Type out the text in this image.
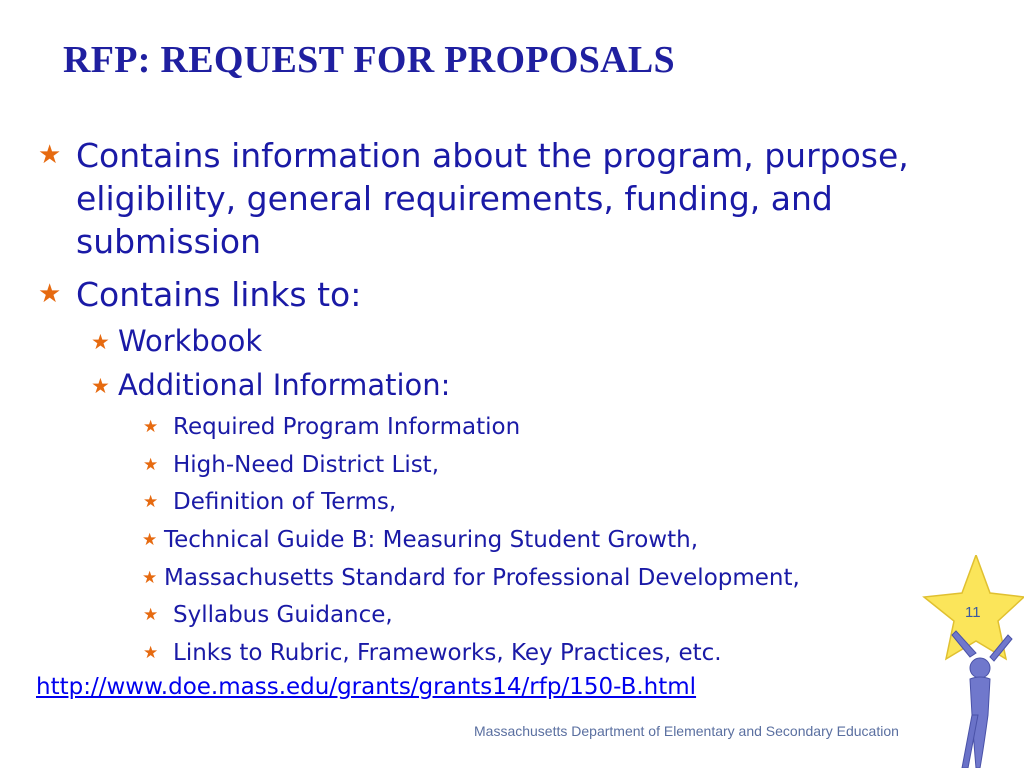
RFP: REQUEST FOR PROPOSALS
★ Contains information about the program, purpose,
eligibility, general requirements, funding, and
submission
★ Contains links to:
★ Workbook
★ Additional Information:
★ Required Program Information
★ High-Need District List,
★ Definition of Terms,
★ Technical Guide B: Measuring Student Growth,
★ Massachusetts Standard for Professional Development,
★ Syllabus Guidance,
★ Links to Rubric, Frameworks, Key Practices, etc.
http://www.doe.mass.edu/grants/grants14/rfp/150-B.html
11
Massachusetts Department of Elementary and Secondary Education
